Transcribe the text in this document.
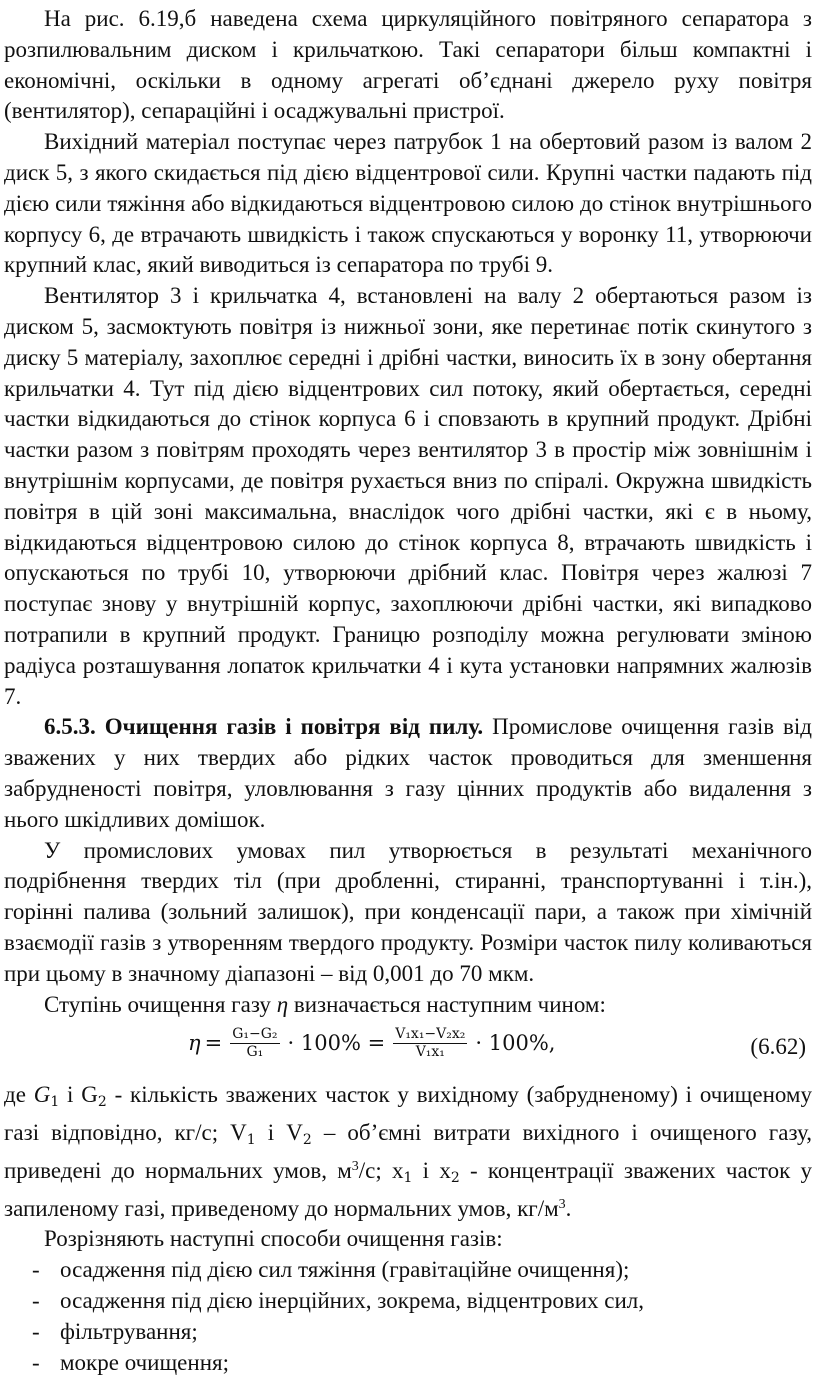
На рис. 6.19,б наведена схема циркуляційного повітряного сепаратора з розпилювальним диском і крильчаткою. Такі сепаратори більш компактні і економічні, оскільки в одному агрегаті об’єднані джерело руху повітря (вентилятор), сепараційні і осаджувальні пристрої.

Вихідний матеріал поступає через патрубок 1 на обертовий разом із валом 2 диск 5, з якого скидається під дією відцентрової сили. Крупні частки падають під дією сили тяжіння або відкидаються відцентровою силою до стінок внутрішнього корпусу 6, де втрачають швидкість і також спускаються у воронку 11, утворюючи крупний клас, який виводиться із сепаратора по трубі 9.

Вентилятор 3 і крильчатка 4, встановлені на валу 2 обертаються разом із диском 5, засмоктують повітря із нижньої зони, яке перетинає потік скинутого з диску 5 матеріалу, захоплює середні і дрібні частки, виносить їх в зону обертання крильчатки 4. Тут під дією відцентрових сил потоку, який обертається, середні частки відкидаються до стінок корпуса 6 і сповзають в крупний продукт. Дрібні частки разом з повітрям проходять через вентилятор 3 в простір між зовнішнім і внутрішнім корпусами, де повітря рухається вниз по спіралі. Окружна швидкість повітря в цій зоні максимальна, внаслідок чого дрібні частки, які є в ньому, відкидаються відцентровою силою до стінок корпуса 8, втрачають швидкість і опускаються по трубі 10, утворюючи дрібний клас. Повітря через жалюзі 7 поступає знову у внутрішній корпус, захоплюючи дрібні частки, які випадково потрапили в крупний продукт. Границю розподілу можна регулювати зміною радіуса розташування лопаток крильчатки 4 і кута установки напрямних жалюзів 7.

6.5.3. Очищення газів і повітря від пилу. Промислове очищення газів від зважених у них твердих або рідких часток проводиться для зменшення забрудненості повітря, уловлювання з газу цінних продуктів або видалення з нього шкідливих домішок.

У промислових умовах пил утворюється в результаті механічного подрібнення твердих тіл (при дробленні, стиранні, транспортуванні і т.ін.), горінні палива (зольний залишок), при конденсації пари, а також при хімічній взаємодії газів з утворенням твердого продукту. Розміри часток пилу коливаються при цьому в значному діапазоні – від 0,001 до 70 мкм.

Ступінь очищення газу η визначається наступним чином:

$\eta = \frac{\text{G₁−G₂}}{\text{G₁}} \cdot 100\% = \frac{\text{V₁x₁−V₂x₂}}{\text{V₁x₁}} \cdot 100\%$,	(6.62)

де $G_1$ і $G_2$ - кількість зважених часток у вихідному (забрудненому) і очищеному газі відповідно, кг/с; $V_1$ і $V_2$ – об’ємні витрати вихідного і очищеного газу, приведені до нормальних умов, $м^3/с$; $x_1$ і $x_2$ - концентрації зважених часток у запиленому газі, приведеному до нормальних умов, $кг/м^3$.

Розрізняють наступні способи очищення газів:

- осадження під дією сил тяжіння (гравітаційне очищення);
- осадження під дією інерційних, зокрема, відцентрових сил,
- фільтрування;
- мокре очищення;
